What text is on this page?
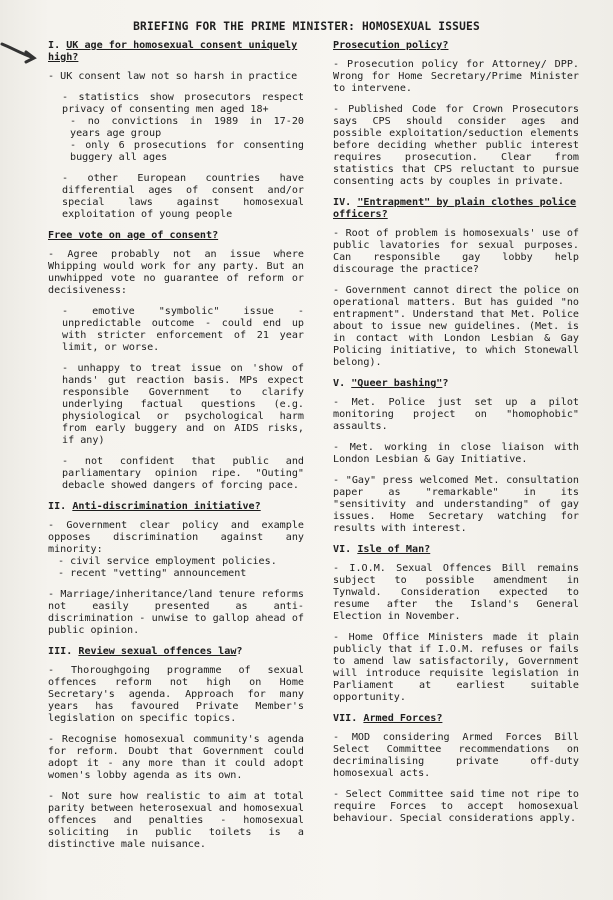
BRIEFING FOR THE PRIME MINISTER: HOMOSEXUAL ISSUES
I. UK age for homosexual consent uniquely high?
- UK consent law not so harsh in practice
- statistics show prosecutors respect privacy of consenting men aged 18+
- no convictions in 1989 in 17-20 years age group
- only 6 prosecutions for consenting buggery all ages
- other European countries have differential ages of consent and/or special laws against homosexual exploitation of young people
Free vote on age of consent?
- Agree probably not an issue where Whipping would work for any party. But an unwhipped vote no guarantee of reform or decisiveness:
- emotive "symbolic" issue - unpredictable outcome - could end up with stricter enforcement of 21 year limit, or worse.
- unhappy to treat issue on 'show of hands' gut reaction basis. MPs expect responsible Government to clarify underlying factual questions (e.g. physiological or psychological harm from early buggery and on AIDS risks, if any)
- not confident that public and parliamentary opinion ripe. "Outing" debacle showed dangers of forcing pace.
II. Anti-discrimination initiative?
- Government clear policy and example opposes discrimination against any minority:
- civil service employment policies.
- recent "vetting" announcement
- Marriage/inheritance/land tenure reforms not easily presented as anti-discrimination - unwise to gallop ahead of public opinion.
III. Review sexual offences law?
- Thoroughgoing programme of sexual offences reform not high on Home Secretary's agenda. Approach for many years has favoured Private Member's legislation on specific topics.
- Recognise homosexual community's agenda for reform. Doubt that Government could adopt it - any more than it could adopt women's lobby agenda as its own.
- Not sure how realistic to aim at total parity between heterosexual and homosexual offences and penalties - homosexual soliciting in public toilets is a distinctive male nuisance.
Prosecution policy?
- Prosecution policy for Attorney/ DPP. Wrong for Home Secretary/Prime Minister to intervene.
- Published Code for Crown Prosecutors says CPS should consider ages and possible exploitation/seduction elements before deciding whether public interest requires prosecution. Clear from statistics that CPS reluctant to pursue consenting acts by couples in private.
IV. "Entrapment" by plain clothes police officers?
- Root of problem is homosexuals' use of public lavatories for sexual purposes. Can responsible gay lobby help discourage the practice?
- Government cannot direct the police on operational matters. But has guided "no entrapment". Understand that Met. Police about to issue new guidelines. (Met. is in contact with London Lesbian & Gay Policing initiative, to which Stonewall belong).
V. "Queer bashing"?
- Met. Police just set up a pilot monitoring project on "homophobic" assaults.
- Met. working in close liaison with London Lesbian & Gay Initiative.
- "Gay" press welcomed Met. consultation paper as "remarkable" in its "sensitivity and understanding" of gay issues. Home Secretary watching for results with interest.
VI. Isle of Man?
- I.O.M. Sexual Offences Bill remains subject to possible amendment in Tynwald. Consideration expected to resume after the Island's General Election in November.
- Home Office Ministers made it plain publicly that if I.O.M. refuses or fails to amend law satisfactorily, Government will introduce requisite legislation in Parliament at earliest suitable opportunity.
VII. Armed Forces?
- MOD considering Armed Forces Bill Select Committee recommendations on decriminalising private off-duty homosexual acts.
- Select Committee said time not ripe to require Forces to accept homosexual behaviour. Special considerations apply.
